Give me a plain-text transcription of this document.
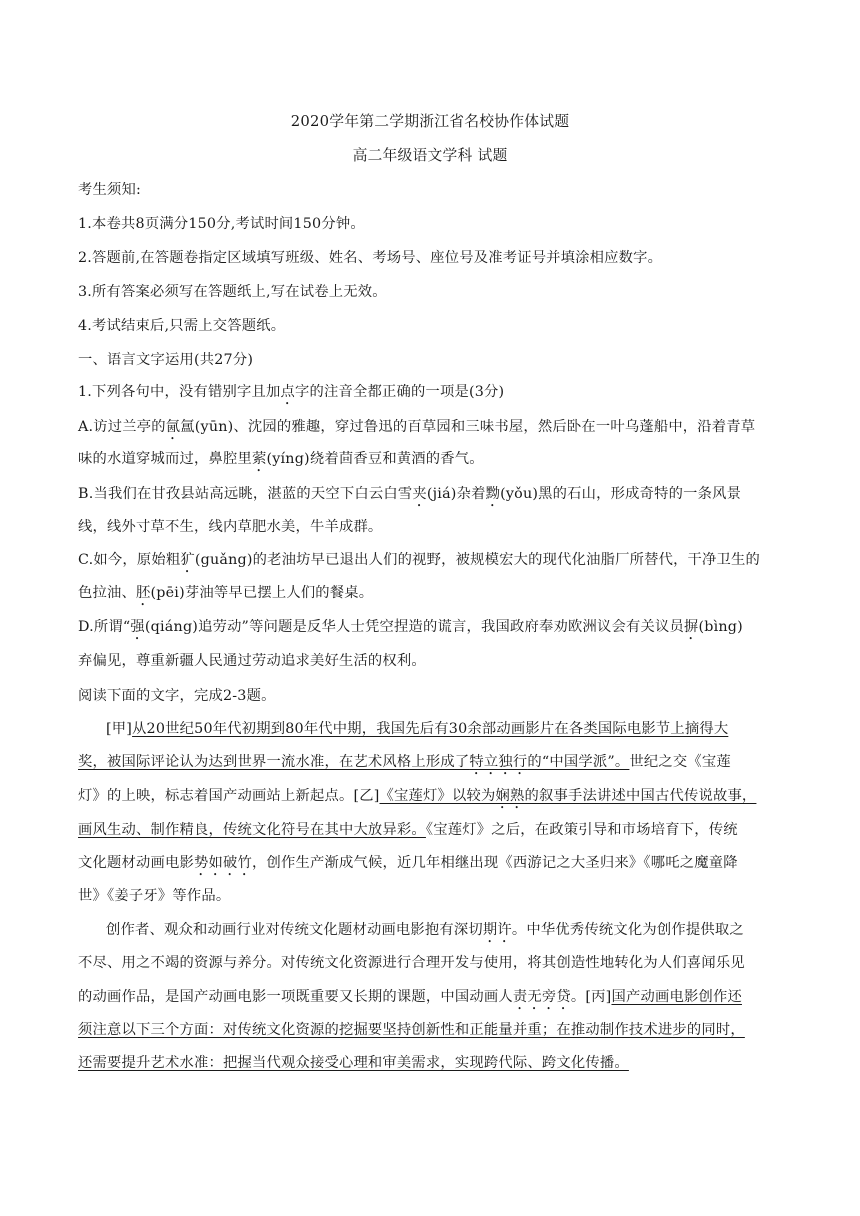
2020学年第二学期浙江省名校协作体试题
高二年级语文学科 试题
考生须知:
1.本卷共8页满分150分,考试时间150分钟。
2.答题前,在答题卷指定区域填写班级、姓名、考场号、座位号及准考证号并填涂相应数字。
3.所有答案必须写在答题纸上,写在试卷上无效。
4.考试结束后,只需上交答题纸。
一、语言文字运用(共27分)
1.下列各句中，没有错别字且加点字的注音全都正确的一项是(3分)
A.访过兰亭的氤氲(yūn)、沈园的雅趣，穿过鲁迅的百草园和三味书屋，然后卧在一叶乌蓬船中，沿着青草
味的水道穿城而过，鼻腔里萦(yíng)绕着茴香豆和黄酒的香气。
B.当我们在甘孜县站高远眺，湛蓝的天空下白云白雪夹(jiá)杂着黝(yǒu)黑的石山，形成奇特的一条风景
线，线外寸草不生，线内草肥水美，牛羊成群。
C.如今，原始粗犷(guǎng)的老油坊早已退出人们的视野，被规模宏大的现代化油脂厂所替代，干净卫生的
色拉油、胚(pēi)芽油等早已摆上人们的餐桌。
D.所谓“强(qiáng)追劳动”等问题是反华人士凭空捏造的谎言，我国政府奉劝欧洲议会有关议员摒(bìng)
弃偏见，尊重新疆人民通过劳动追求美好生活的权利。
阅读下面的文字，完成2-3题。
[甲]从20世纪50年代初期到80年代中期，我国先后有30余部动画影片在各类国际电影节上摘得大
奖，被国际评论认为达到世界一流水准，在艺术风格上形成了特立独行的“中国学派”。世纪之交《宝莲
灯》的上映，标志着国产动画站上新起点。[乙]《宝莲灯》以较为娴熟的叙事手法讲述中国古代传说故事，
画风生动、制作精良，传统文化符号在其中大放异彩。《宝莲灯》之后，在政策引导和市场培育下，传统
文化题材动画电影势如破竹，创作生产渐成气候，近几年相继出现《西游记之大圣归来》《哪吒之魔童降
世》《姜子牙》等作品。
创作者、观众和动画行业对传统文化题材动画电影抱有深切期许。中华优秀传统文化为创作提供取之
不尽、用之不竭的资源与养分。对传统文化资源进行合理开发与使用，将其创造性地转化为人们喜闻乐见
的动画作品，是国产动画电影一项既重要又长期的课题，中国动画人责无旁贷。[丙]国产动画电影创作还
须注意以下三个方面：对传统文化资源的挖掘要坚持创新性和正能量并重；在推动制作技术进步的同时，
还需要提升艺术水准：把握当代观众接受心理和审美需求，实现跨代际、跨文化传播。
